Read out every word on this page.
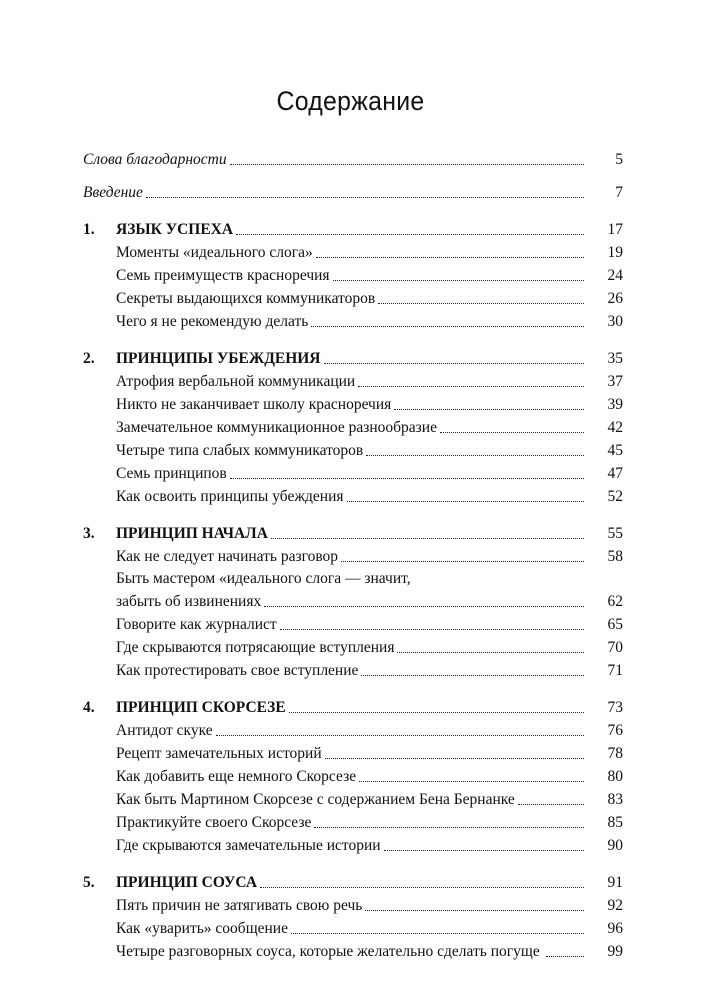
Содержание
Слова благодарности	5
Введение	7
1.	ЯЗЫК УСПЕХА	17
Моменты «идеального слога»	19
Семь преимуществ красноречия	24
Секреты выдающихся коммуникаторов	26
Чего я не рекомендую делать	30
2.	ПРИНЦИПЫ УБЕЖДЕНИЯ	35
Атрофия вербальной коммуникации	37
Никто не заканчивает школу красноречия	39
Замечательное коммуникационное разнообразие	42
Четыре типа слабых коммуникаторов	45
Семь принципов	47
Как освоить принципы убеждения	52
3.	ПРИНЦИП НАЧАЛА	55
Как не следует начинать разговор	58
Быть мастером «идеального слога — значит,
забыть об извинениях	62
Говорите как журналист	65
Где скрываются потрясающие вступления	70
Как протестировать свое вступление	71
4.	ПРИНЦИП СКОРСЕЗЕ	73
Антидот скуке	76
Рецепт замечательных историй	78
Как добавить еще немного Скорсезе	80
Как быть Мартином Скорсезе с содержанием Бена Бернанке	83
Практикуйте своего Скорсезе	85
Где скрываются замечательные истории	90
5.	ПРИНЦИП СОУСА	91
Пять причин не затягивать свою речь	92
Как «уварить» сообщение	96
Четыре разговорных соуса, которые желательно сделать погуще	99
